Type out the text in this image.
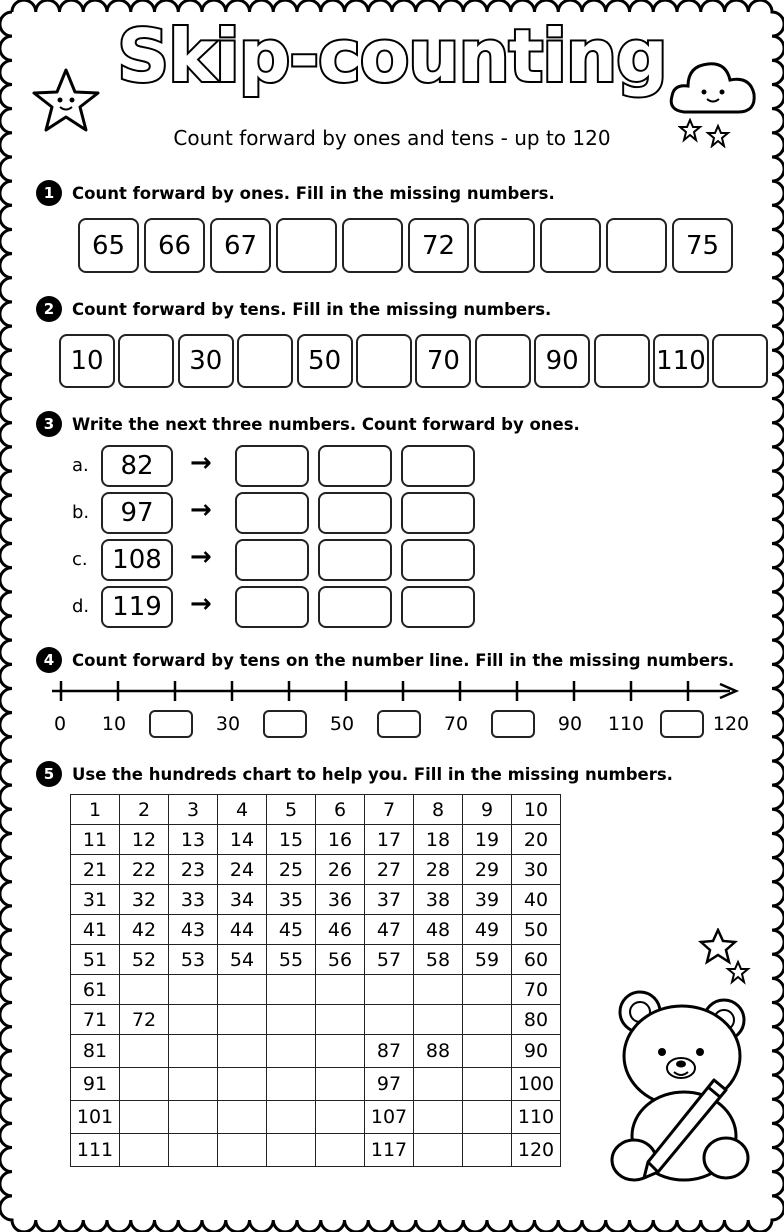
Skip-counting
Count forward by ones and tens - up to 120
1	Count forward by ones. Fill in the missing numbers.
65	66	67	72	75
2	Count forward by tens. Fill in the missing numbers.
10	30	50	70	90	110
3	Write the next three numbers. Count forward by ones.
a.	82	→
b.	97	→
c. 108	→
d. 119	→
4	Count forward by tens on the number line. Fill in the missing numbers.
0	10	30	50	70	90	110	120
5	Use the hundreds chart to help you. Fill in the missing numbers.
1	2	3	4	5	6	7	8	9	10
11	12	13	14	15	16	17	18	19	20
21	22	23	24	25	26	27	28	29	30
31	32	33	34	35	36	37	38	39	40
41	42	43	44	45	46	47	48	49	50
51	52	53	54	55	56	57	58	59	60
61									70
71	72								80
81						87	88		90
91						97			100
101						107			110
111						117			120
